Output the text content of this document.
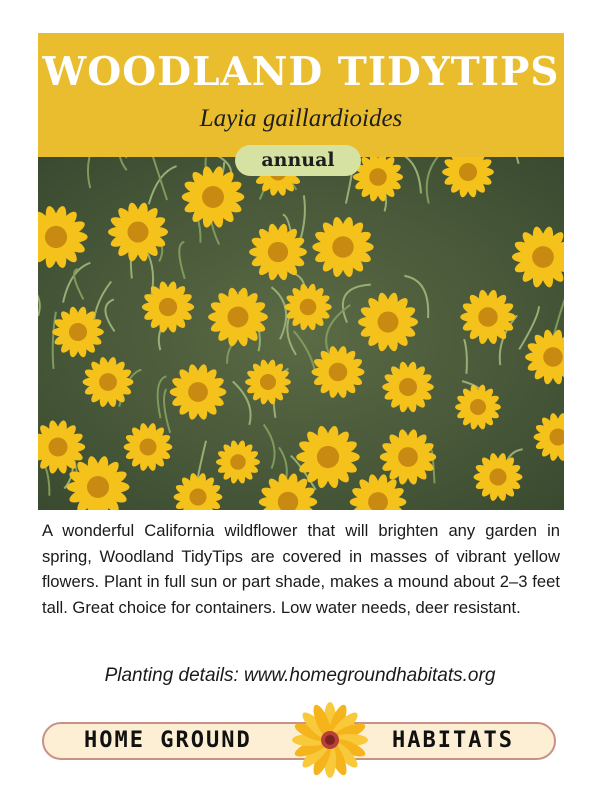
WOODLAND TIDYTIPS
Layia gaillardioides
annual
A wonderful California wildflower that will brighten any garden in spring, Woodland TidyTips are covered in masses of vibrant yellow flowers. Plant in full sun or part shade, makes a mound about 2–3 feet tall. Great choice for containers. Low water needs, deer resistant.
Planting details: www.homegroundhabitats.org
HOME GROUND	HABITATS
